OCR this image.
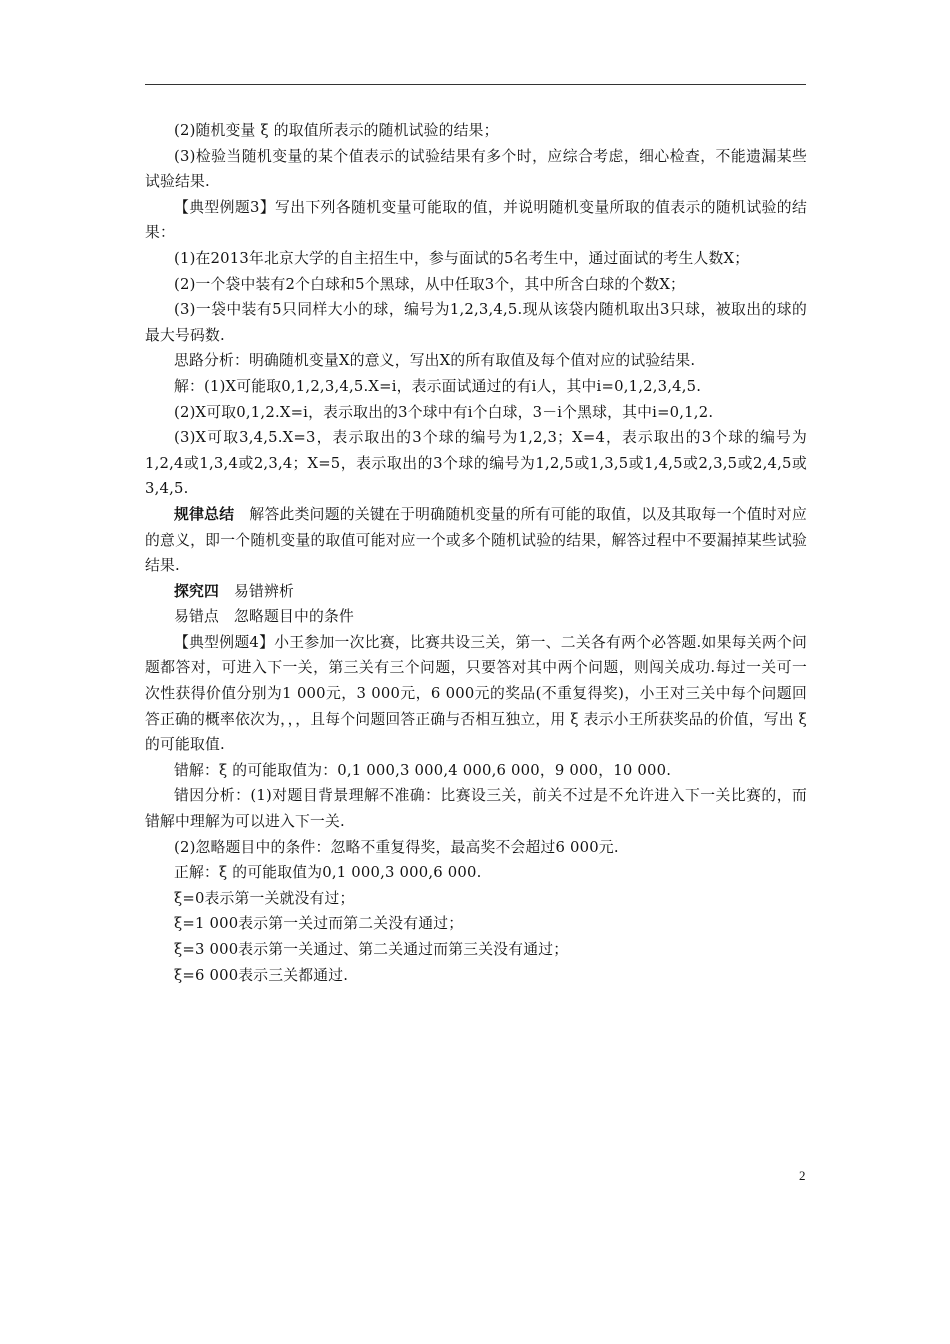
(2)随机变量 ξ 的取值所表示的随机试验的结果；

(3)检验当随机变量的某个值表示的试验结果有多个时，应综合考虑，细心检查，不能遗漏某些试验结果.

【典型例题3】写出下列各随机变量可能取的值，并说明随机变量所取的值表示的随机试验的结果：

(1)在2013年北京大学的自主招生中，参与面试的5名考生中，通过面试的考生人数X；

(2)一个袋中装有2个白球和5个黑球，从中任取3个，其中所含白球的个数X；

(3)一袋中装有5只同样大小的球，编号为1,2,3,4,5.现从该袋内随机取出3只球，被取出的球的最大号码数.

思路分析：明确随机变量X的意义，写出X的所有取值及每个值对应的试验结果.

解：(1)X可能取0,1,2,3,4,5.X=i，表示面试通过的有i人，其中i=0,1,2,3,4,5.

(2)X可取0,1,2.X=i，表示取出的3个球中有i个白球，3－i个黑球，其中i=0,1,2.

(3)X可取3,4,5.X=3，表示取出的3个球的编号为1,2,3；X=4，表示取出的3个球的编号为1,2,4或1,3,4或2,3,4；X=5，表示取出的3个球的编号为1,2,5或1,3,5或1,4,5或2,3,5或2,4,5或3,4,5.

规律总结　解答此类问题的关键在于明确随机变量的所有可能的取值，以及其取每一个值时对应的意义，即一个随机变量的取值可能对应一个或多个随机试验的结果，解答过程中不要漏掉某些试验结果.

探究四　易错辨析

易错点　忽略题目中的条件

【典型例题4】小王参加一次比赛，比赛共设三关，第一、二关各有两个必答题.如果每关两个问题都答对，可进入下一关，第三关有三个问题，只要答对其中两个问题，则闯关成功.每过一关可一次性获得价值分别为1 000元，3 000元，6 000元的奖品(不重复得奖)，小王对三关中每个问题回答正确的概率依次为，，，且每个问题回答正确与否相互独立，用 ξ 表示小王所获奖品的价值，写出 ξ 的可能取值.

错解：ξ 的可能取值为：0,1 000,3 000,4 000,6 000，9 000，10 000.

错因分析：(1)对题目背景理解不准确：比赛设三关，前关不过是不允许进入下一关比赛的，而错解中理解为可以进入下一关.

(2)忽略题目中的条件：忽略不重复得奖，最高奖不会超过6 000元.

正解：ξ 的可能取值为0,1 000,3 000,6 000.

ξ=0表示第一关就没有过；

ξ=1 000表示第一关过而第二关没有通过；

ξ=3 000表示第一关通过、第二关通过而第三关没有通过；

ξ=6 000表示三关都通过.

2
